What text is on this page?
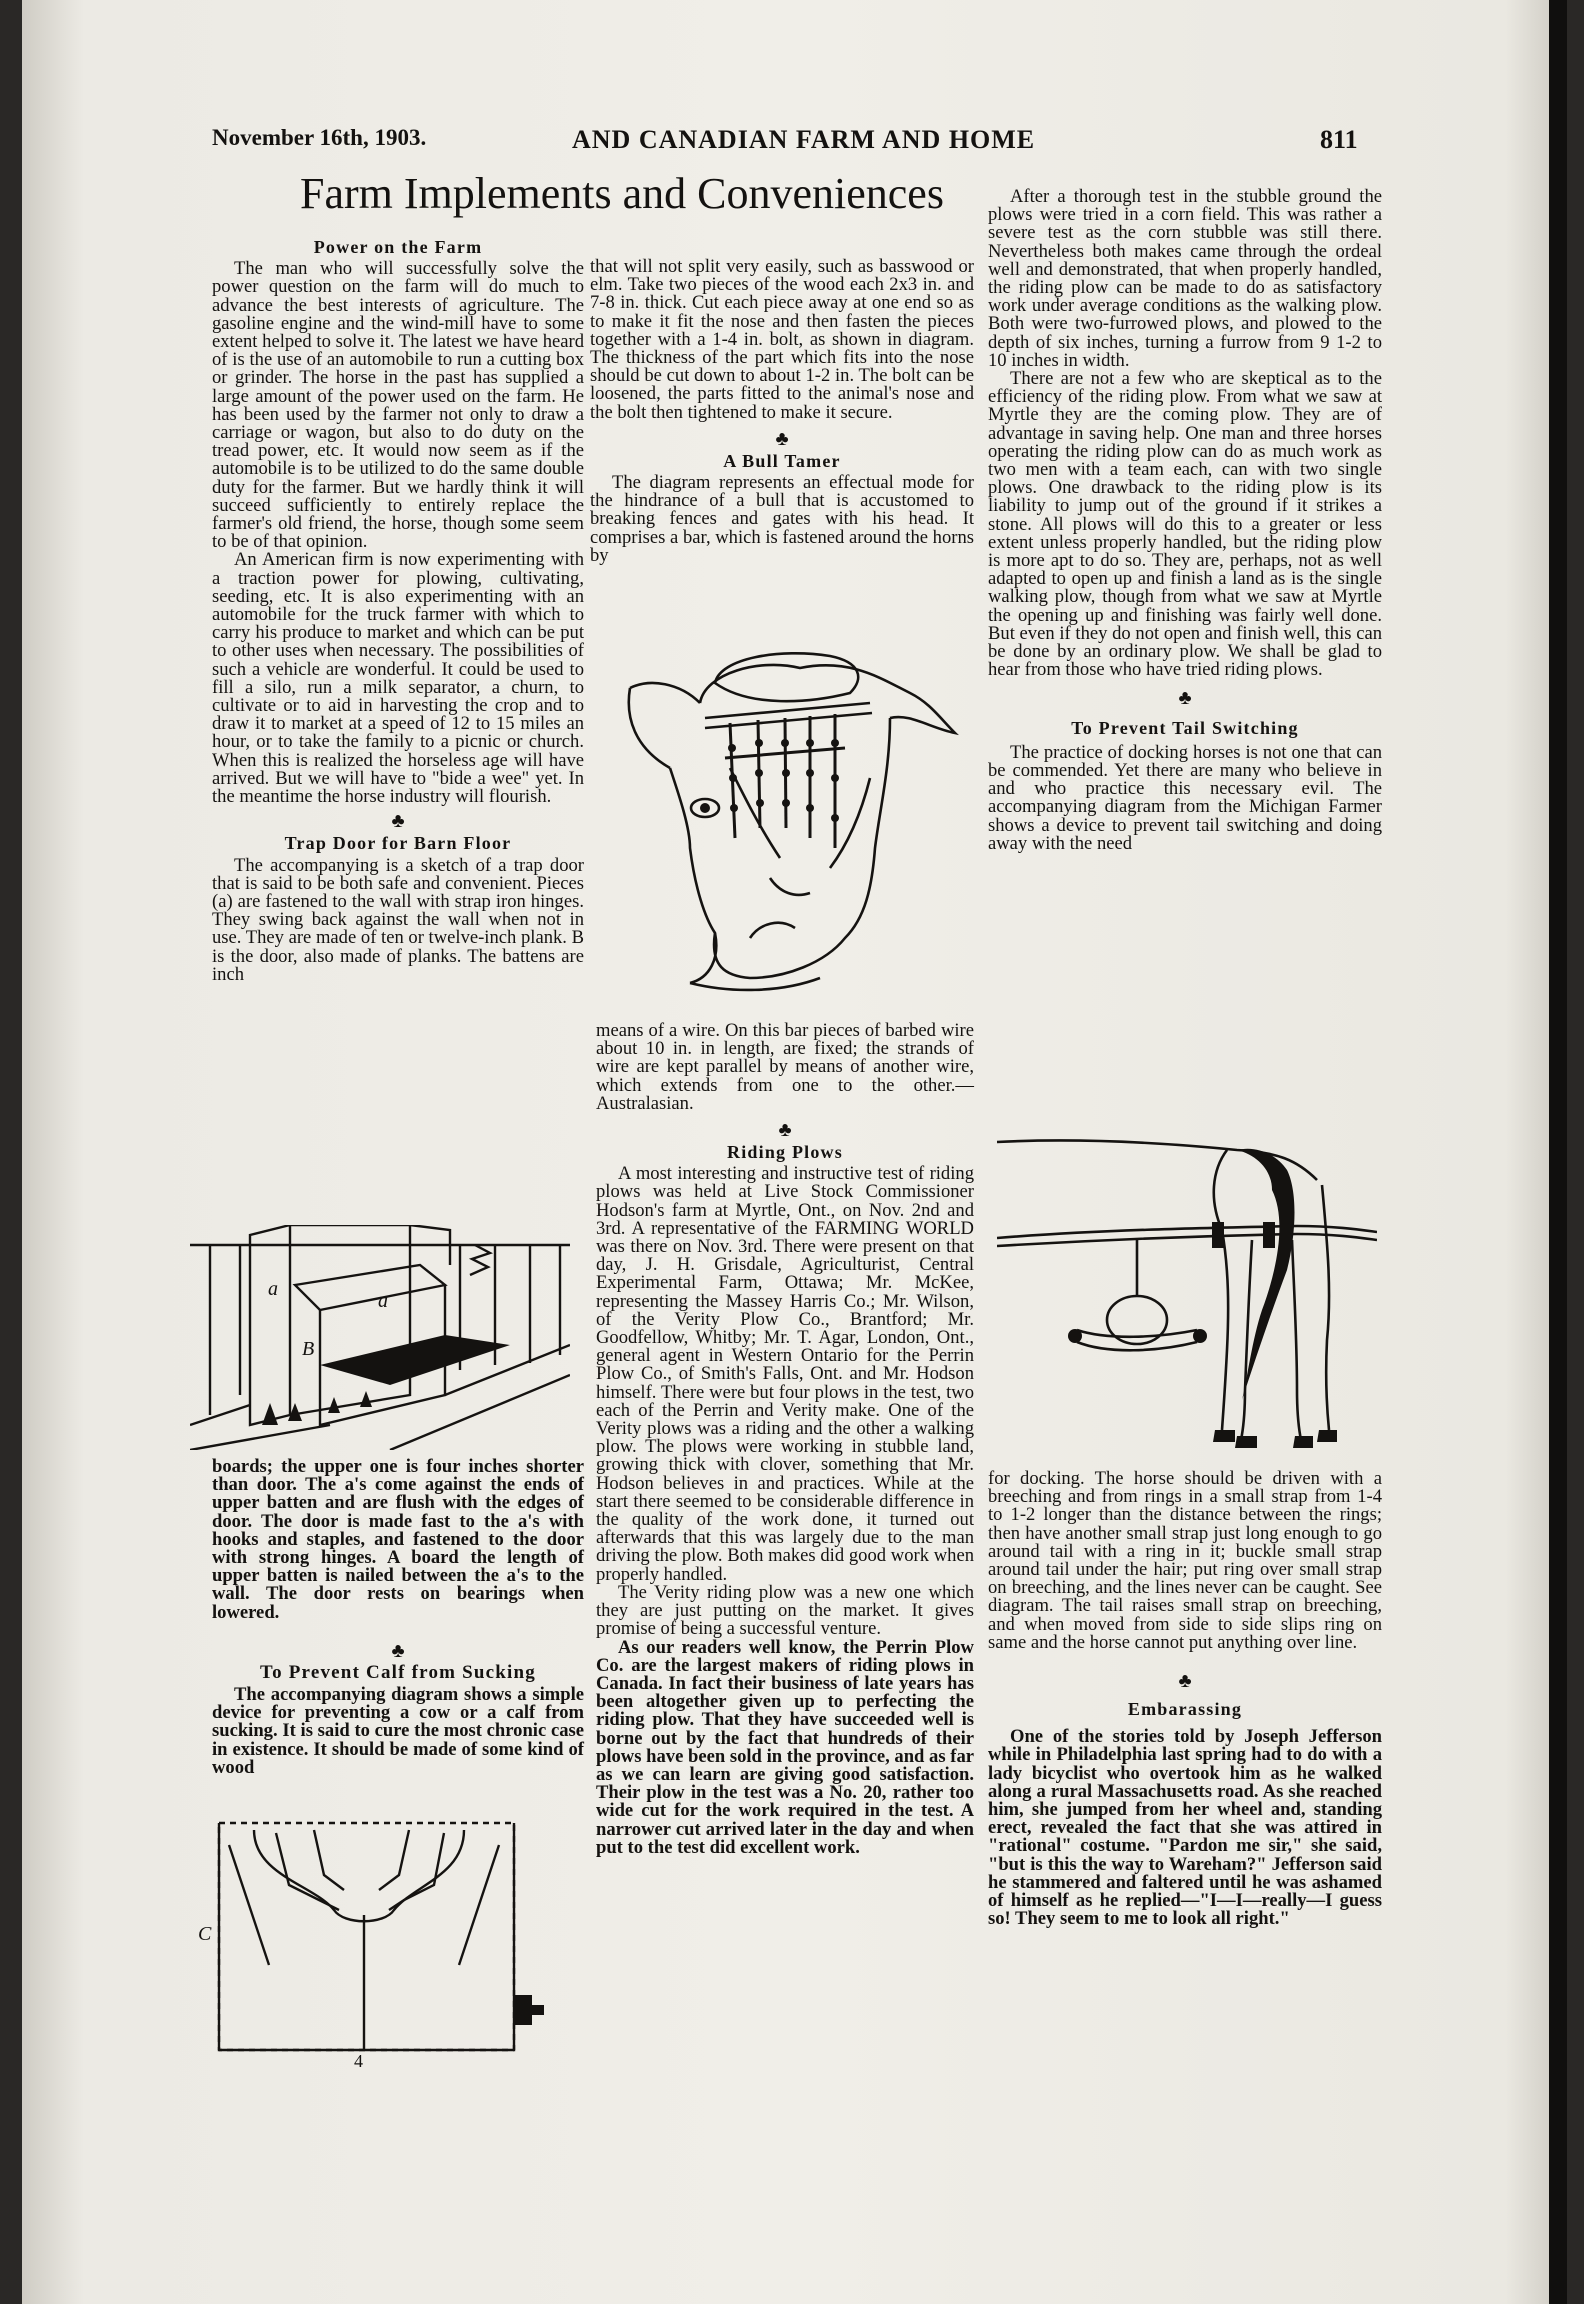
November 16th, 1903.	AND CANADIAN FARM AND HOME	811
Farm Implements and Conveniences

Power on the Farm

The man who will successfully solve the power question on the farm will do much to advance the best interests of agriculture. The gasoline engine and the wind-mill have to some extent helped to solve it. The latest we have heard of is the use of an automobile to run a cutting box or grinder. The horse in the past has supplied a large amount of the power used on the farm. He has been used by the farmer not only to draw a carriage or wagon, but also to do duty on the tread power, etc. It would now seem as if the automobile is to be utilized to do the same double duty for the farmer. But we hardly think it will succeed sufficiently to entirely replace the farmer's old friend, the horse, though some seem to be of that opinion.

An American firm is now experimenting with a traction power for plowing, cultivating, seeding, etc. It is also experimenting with an automobile for the truck farmer with which to carry his produce to market and which can be put to other uses when necessary. The possibilities of such a vehicle are wonderful. It could be used to fill a silo, run a milk separator, a churn, to cultivate or to aid in harvesting the crop and to draw it to market at a speed of 12 to 15 miles an hour, or to take the family to a picnic or church. When this is realized the horseless age will have arrived. But we will have to "bide a wee" yet. In the meantime the horse industry will flourish.

♣

Trap Door for Barn Floor

The accompanying is a sketch of a trap door that is said to be both safe and convenient. Pieces (a) are fastened to the wall with strap iron hinges. They swing back against the wall when not in use. They are made of ten or twelve-inch plank. B is the door, also made of planks. The battens are inch

a
a
B

boards; the upper one is four inches shorter than door. The a's come against the ends of upper batten and are flush with the edges of door. The door is made fast to the a's with hooks and staples, and fastened to the door with strong hinges. A board the length of upper batten is nailed between the a's to the wall. The door rests on bearings when lowered.

♣

To Prevent Calf from Sucking

The accompanying diagram shows a simple device for preventing a cow or a calf from sucking. It is said to cure the most chronic case in existence. It should be made of some kind of wood

C
4

that will not split very easily, such as basswood or elm. Take two pieces of the wood each 2x3 in. and 7-8 in. thick. Cut each piece away at one end so as to make it fit the nose and then fasten the pieces together with a 1-4 in. bolt, as shown in diagram. The thickness of the part which fits into the nose should be cut down to about 1-2 in. The bolt can be loosened, the parts fitted to the animal's nose and the bolt then tightened to make it secure.

♣

A Bull Tamer

The diagram represents an effectual mode for the hindrance of a bull that is accustomed to breaking fences and gates with his head. It comprises a bar, which is fastened around the horns by

means of a wire. On this bar pieces of barbed wire about 10 in. in length, are fixed; the strands of wire are kept parallel by means of another wire, which extends from one to the other.—Australasian.

♣

Riding Plows

A most interesting and instructive test of riding plows was held at Live Stock Commissioner Hodson's farm at Myrtle, Ont., on Nov. 2nd and 3rd. A representative of the FARMING WORLD was there on Nov. 3rd. There were present on that day, J. H. Grisdale, Agriculturist, Central Experimental Farm, Ottawa; Mr. McKee, representing the Massey Harris Co.; Mr. Wilson, of the Verity Plow Co., Brantford; Mr. Goodfellow, Whitby; Mr. T. Agar, London, Ont., general agent in Western Ontario for the Perrin Plow Co., of Smith's Falls, Ont. and Mr. Hodson himself. There were but four plows in the test, two each of the Perrin and Verity make. One of the Verity plows was a riding and the other a walking plow. The plows were working in stubble land, growing thick with clover, something that Mr. Hodson believes in and practices. While at the start there seemed to be considerable difference in the quality of the work done, it turned out afterwards that this was largely due to the man driving the plow. Both makes did good work when properly handled.

The Verity riding plow was a new one which they are just putting on the market. It gives promise of being a successful venture.

As our readers well know, the Perrin Plow Co. are the largest makers of riding plows in Canada. In fact their business of late years has been altogether given up to perfecting the riding plow. That they have succeeded well is borne out by the fact that hundreds of their plows have been sold in the province, and as far as we can learn are giving good satisfaction. Their plow in the test was a No. 20, rather too wide cut for the work required in the test. A narrower cut arrived later in the day and when put to the test did excellent work.

After a thorough test in the stubble ground the plows were tried in a corn field. This was rather a severe test as the corn stubble was still there. Nevertheless both makes came through the ordeal well and demonstrated, that when properly handled, the riding plow can be made to do as satisfactory work under average conditions as the walking plow. Both were two-furrowed plows, and plowed to the depth of six inches, turning a furrow from 9 1-2 to 10 inches in width.

There are not a few who are skeptical as to the efficiency of the riding plow. From what we saw at Myrtle they are the coming plow. They are of advantage in saving help. One man and three horses operating the riding plow can do as much work as two men with a team each, can with two single plows. One drawback to the riding plow is its liability to jump out of the ground if it strikes a stone. All plows will do this to a greater or less extent unless properly handled, but the riding plow is more apt to do so. They are, perhaps, not as well adapted to open up and finish a land as is the single walking plow, though from what we saw at Myrtle the opening up and finishing was fairly well done. But even if they do not open and finish well, this can be done by an ordinary plow. We shall be glad to hear from those who have tried riding plows.

♣

To Prevent Tail Switching

The practice of docking horses is not one that can be commended. Yet there are many who believe in and who practice this necessary evil. The accompanying diagram from the Michigan Farmer shows a device to prevent tail switching and doing away with the need

for docking. The horse should be driven with a breeching and from rings in a small strap from 1-4 to 1-2 longer than the distance between the rings; then have another small strap just long enough to go around tail with a ring in it; buckle small strap around tail under the hair; put ring over small strap on breeching, and the lines never can be caught. See diagram. The tail raises small strap on breeching, and when moved from side to side slips ring on same and the horse cannot put anything over line.

♣

Embarassing

One of the stories told by Joseph Jefferson while in Philadelphia last spring had to do with a lady bicyclist who overtook him as he walked along a rural Massachusetts road. As she reached him, she jumped from her wheel and, standing erect, revealed the fact that she was attired in "rational" costume. "Pardon me sir," she said, "but is this the way to Wareham?" Jefferson said he stammered and faltered until he was ashamed of himself as he replied—"I—I—really—I guess so! They seem to me to look all right."
